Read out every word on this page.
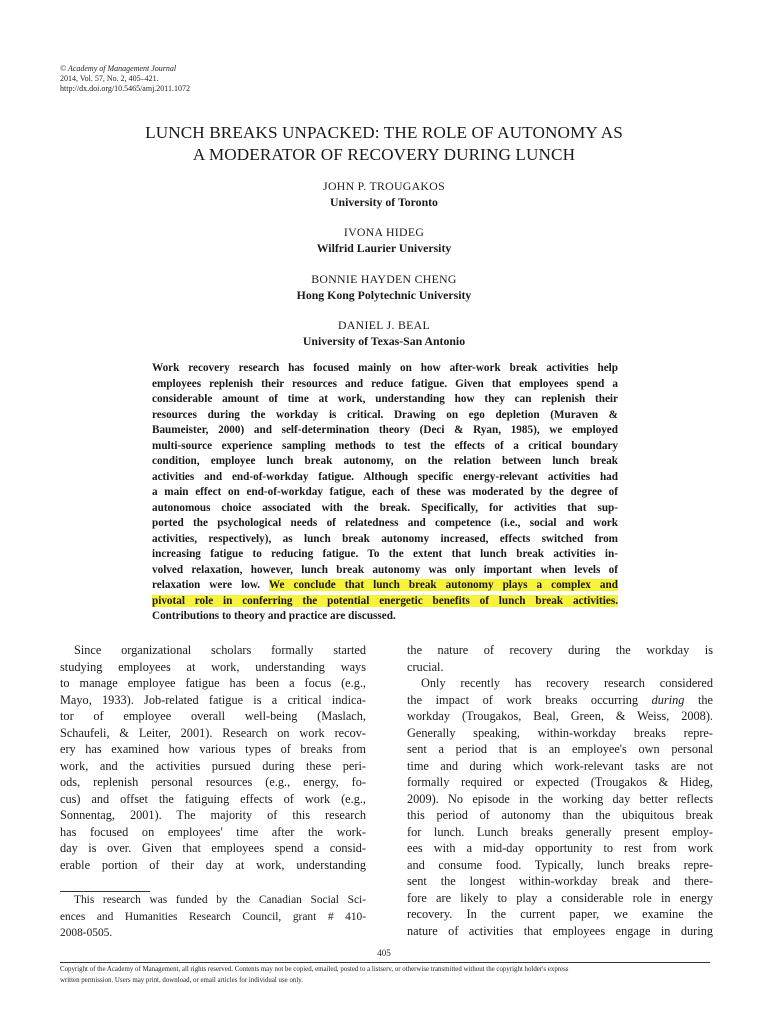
© Academy of Management Journal
2014, Vol. 57, No. 2, 405–421.
http://dx.doi.org/10.5465/amj.2011.1072
LUNCH BREAKS UNPACKED: THE ROLE OF AUTONOMY AS
A MODERATOR OF RECOVERY DURING LUNCH
JOHN P. TROUGAKOS
University of Toronto
IVONA HIDEG
Wilfrid Laurier University
BONNIE HAYDEN CHENG
Hong Kong Polytechnic University
DANIEL J. BEAL
University of Texas-San Antonio
Work recovery research has focused mainly on how after-work break activities help
employees replenish their resources and reduce fatigue. Given that employees spend a
considerable amount of time at work, understanding how they can replenish their
resources during the workday is critical. Drawing on ego depletion (Muraven &
Baumeister, 2000) and self-determination theory (Deci & Ryan, 1985), we employed
multi-source experience sampling methods to test the effects of a critical boundary
condition, employee lunch break autonomy, on the relation between lunch break
activities and end-of-workday fatigue. Although specific energy-relevant activities had
a main effect on end-of-workday fatigue, each of these was moderated by the degree of
autonomous choice associated with the break. Specifically, for activities that sup-
ported the psychological needs of relatedness and competence (i.e., social and work
activities, respectively), as lunch break autonomy increased, effects switched from
increasing fatigue to reducing fatigue. To the extent that lunch break activities in-
volved relaxation, however, lunch break autonomy was only important when levels of
relaxation were low. We conclude that lunch break autonomy plays a complex and
pivotal role in conferring the potential energetic benefits of lunch break activities.
Contributions to theory and practice are discussed.
Since organizational scholars formally started
studying employees at work, understanding ways
to manage employee fatigue has been a focus (e.g.,
Mayo, 1933). Job-related fatigue is a critical indica-
tor of employee overall well-being (Maslach,
Schaufeli, & Leiter, 2001). Research on work recov-
ery has examined how various types of breaks from
work, and the activities pursued during these peri-
ods, replenish personal resources (e.g., energy, fo-
cus) and offset the fatiguing effects of work (e.g.,
Sonnentag, 2001). The majority of this research
has focused on employees' time after the work-
day is over. Given that employees spend a consid-
erable portion of their day at work, understanding
This research was funded by the Canadian Social Sci-
ences and Humanities Research Council, grant # 410-
2008-0505.
the nature of recovery during the workday is
crucial.
Only recently has recovery research considered
the impact of work breaks occurring during the
workday (Trougakos, Beal, Green, & Weiss, 2008).
Generally speaking, within-workday breaks repre-
sent a period that is an employee's own personal
time and during which work-relevant tasks are not
formally required or expected (Trougakos & Hideg,
2009). No episode in the working day better reflects
this period of autonomy than the ubiquitous break
for lunch. Lunch breaks generally present employ-
ees with a mid-day opportunity to rest from work
and consume food. Typically, lunch breaks repre-
sent the longest within-workday break and there-
fore are likely to play a considerable role in energy
recovery. In the current paper, we examine the
nature of activities that employees engage in during
405
Copyright of the Academy of Management, all rights reserved. Contents may not be copied, emailed, posted to a listserv, or otherwise transmitted without the copyright holder's express
written permission. Users may print, download, or email articles for individual use only.
